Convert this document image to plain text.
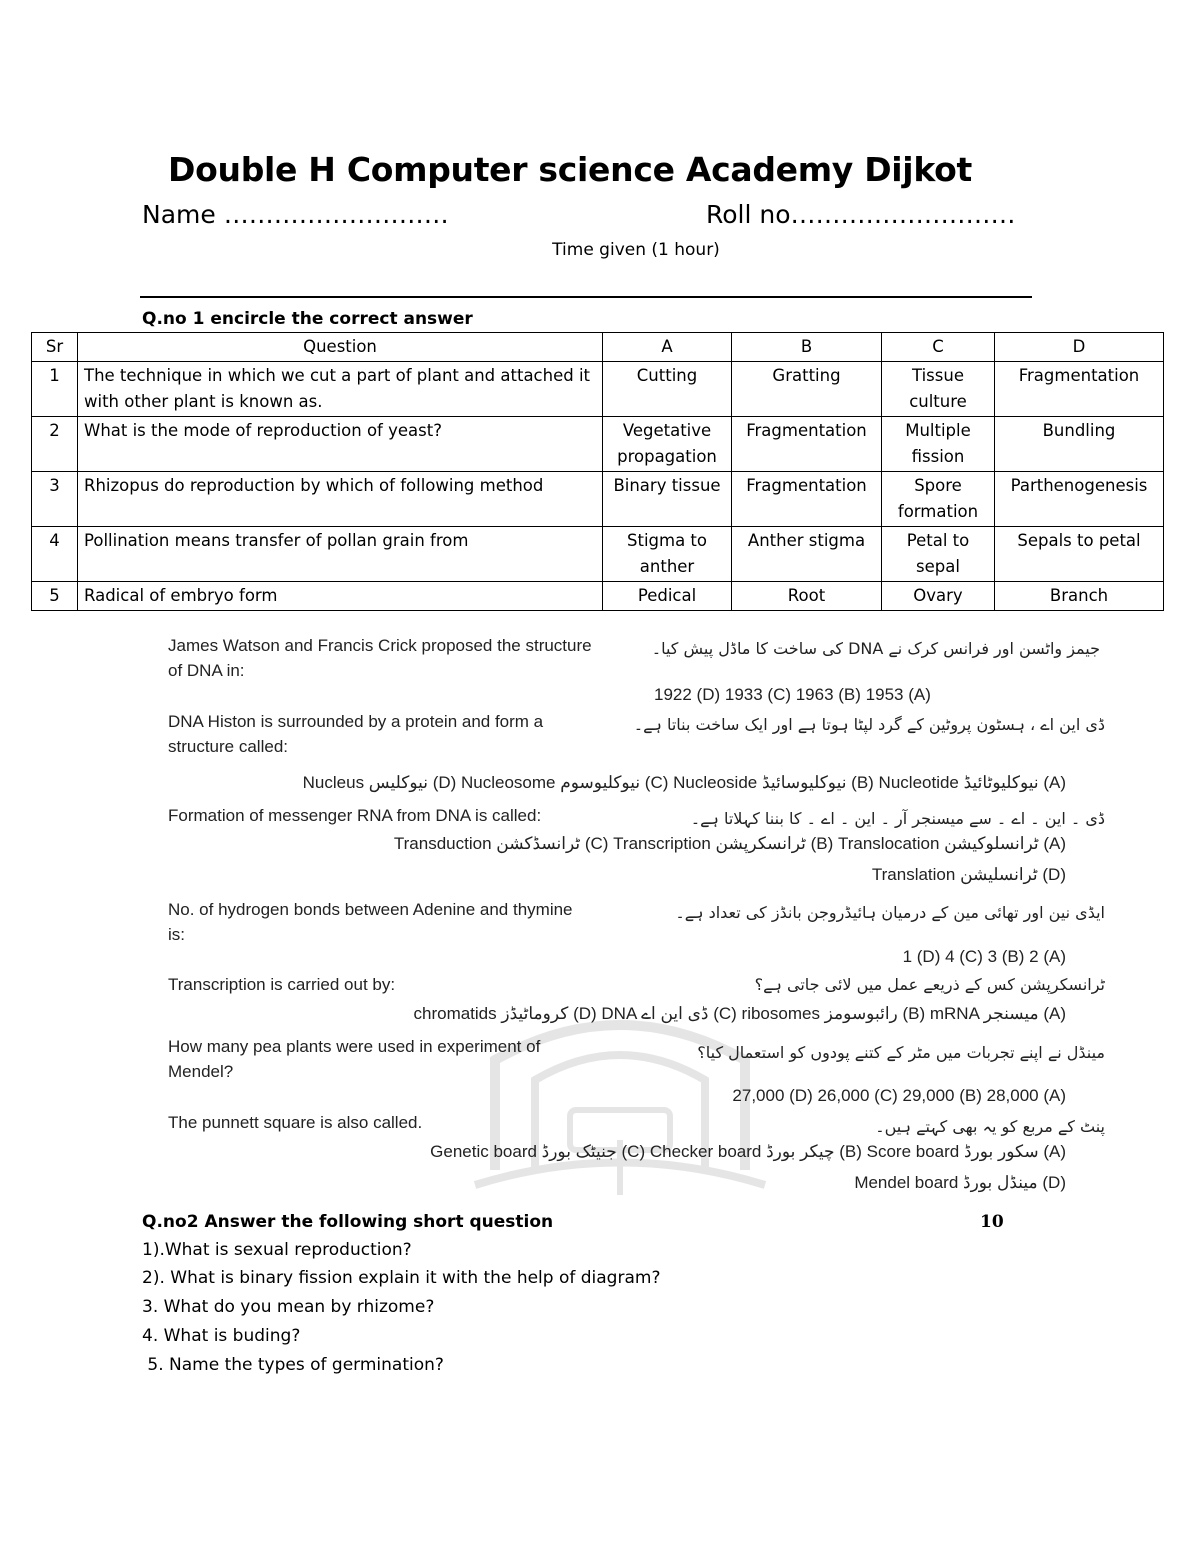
Double H Computer science Academy Dijkot
Name ………………………	Roll no………………………
Time given (1 hour)
Q.no 1 encircle the correct answer
Sr	Question	A	B	C	D
1	The technique in which we cut a part of plant and attached it with other plant is known as.	Cutting	Gratting	Tissue culture	Fragmentation
2	What is the mode of reproduction of yeast?	Vegetative propagation	Fragmentation	Multiple fission	Bundling
3	Rhizopus do reproduction by which of following method	Binary tissue	Fragmentation	Spore formation	Parthenogenesis
4	Pollination means transfer of pollan grain from	Stigma to anther	Anther stigma	Petal to sepal	Sepals to petal
5	Radical of embryo form	Pedical	Root	Ovary	Branch
James Watson and Francis Crick proposed the structure of DNA in:
جیمز واٹسن اور فرانس کرک نے DNA کی ساخت کا ماڈل پیش کیا۔
1922 (D) 1933 (C) 1963 (B) 1953 (A)
DNA Histon is surrounded by a protein and form a structure called:
ڈی این اے ، ہسٹون پروٹین کے گرد لپٹا ہوتا ہے اور ایک ساخت بناتا ہے۔
Nucleus نیوکلیس (D) Nucleosome نیوکلیوسوم (C) Nucleoside نیوکلیوسائیڈ (B) Nucleotide نیوکلیوٹائیڈ (A)
Formation of messenger RNA from DNA is called:	ڈی ۔ این ۔ اے ۔ سے میسنجر آر ۔ این ۔ اے ۔ کا بننا کہلاتا ہے۔
Transduction ٹرانسڈکشن (C) Transcription ٹرانسکرپشن (B) Translocation ٹرانسلوکیشن (A)
Translation ٹرانسلیشن (D)
No. of hydrogen bonds between Adenine and thymine is:
ایڈی نین اور تھائی مین کے درمیان ہائیڈروجن بانڈز کی تعداد ہے۔
1 (D) 4 (C) 3 (B) 2 (A)
Transcription is carried out by:	ٹرانسکرپشن کس کے ذریعے عمل میں لائی جاتی ہے؟
chromatids کروماٹیڈز (D) DNA ڈی این اے (C) ribosomes رائبوسومز (B) mRNA میسنجر (A)
How many pea plants were used in experiment of Mendel?
مینڈل نے اپنے تجربات میں مٹر کے کتنے پودوں کو استعمال کیا؟
27,000 (D) 26,000 (C) 29,000 (B) 28,000 (A)
The punnett square is also called.	پنٹ کے مربع کو یہ بھی کہتے ہیں۔
Genetic board جنیٹک بورڈ (C) Checker board چیکر بورڈ (B) Score board سکور بورڈ (A)
Mendel board مینڈل بورڈ (D)
Q.no2 Answer the following short question	10
1).What is sexual reproduction?
2). What is binary fission explain it with the help of diagram?
3. What do you mean by rhizome?
4. What is buding?
5. Name the types of germination?
